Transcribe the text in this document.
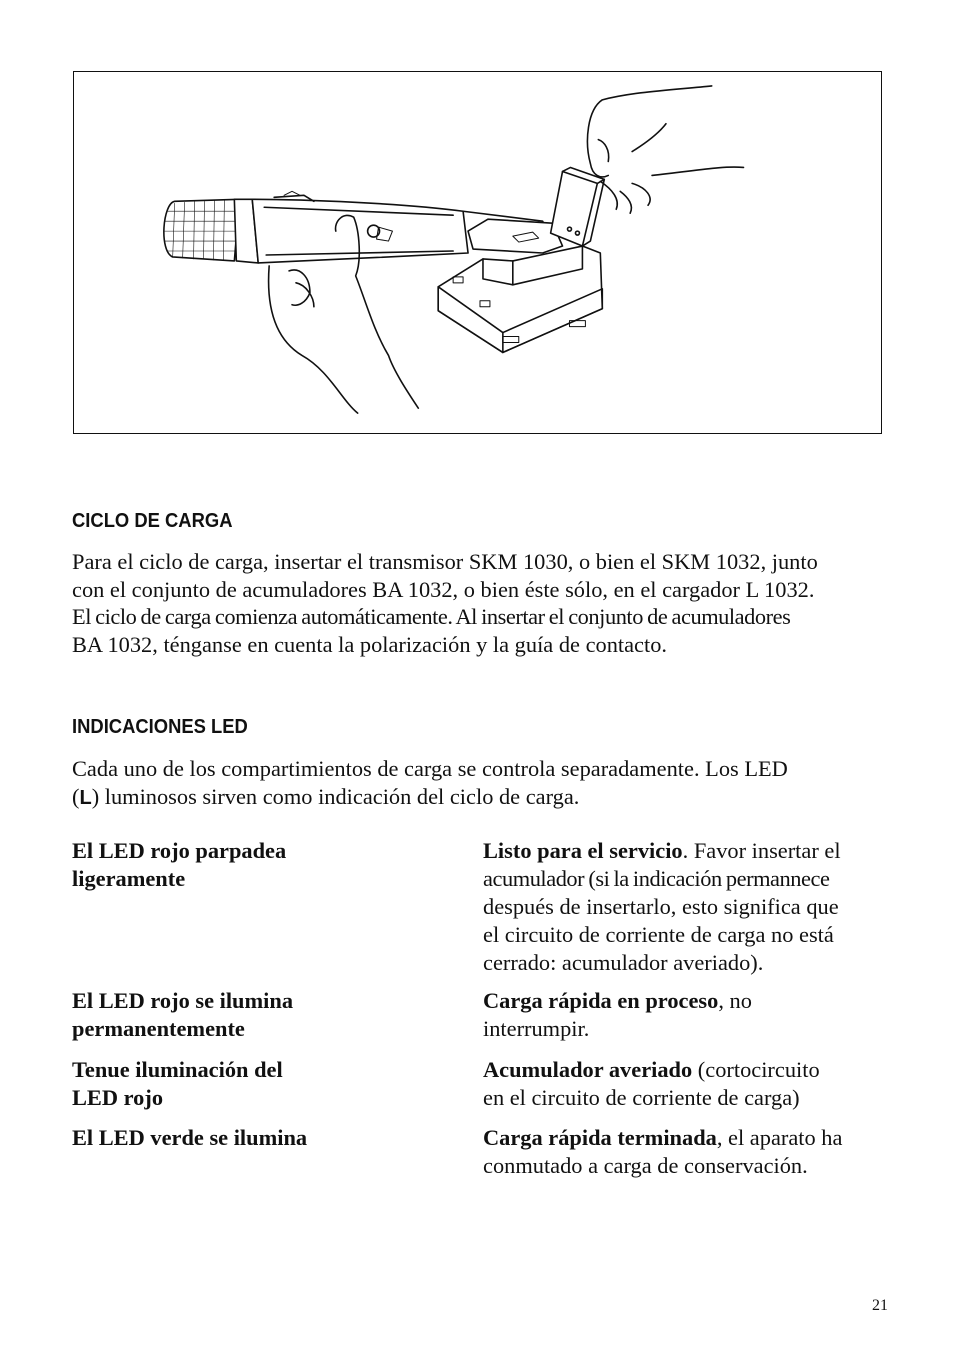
CICLO DE CARGA

Para el ciclo de carga, insertar el transmisor SKM 1030, o bien el SKM 1032, junto
con el conjunto de acumuladores BA 1032, o bien éste sólo, en el cargador L 1032.
El ciclo de carga comienza automáticamente. Al insertar el conjunto de acumuladores
BA 1032, ténganse en cuenta la polarización y la guía de contacto.

INDICACIONES LED

Cada uno de los compartimientos de carga se controla separadamente. Los LED
(L) luminosos sirven como indicación del ciclo de carga.

El LED rojo parpadea
ligeramente

Listo para el servicio. Favor insertar el
acumulador (si la indicación permannece
después de insertarlo, esto significa que
el circuito de corriente de carga no está
cerrado: acumulador averiado).

El LED rojo se ilumina
permanentemente

Carga rápida en proceso, no
interrumpir.

Tenue iluminación del
LED rojo

Acumulador averiado (cortocircuito
en el circuito de corriente de carga)

El LED verde se ilumina	Carga rápida terminada, el aparato ha
conmutado a carga de conservación.

21
